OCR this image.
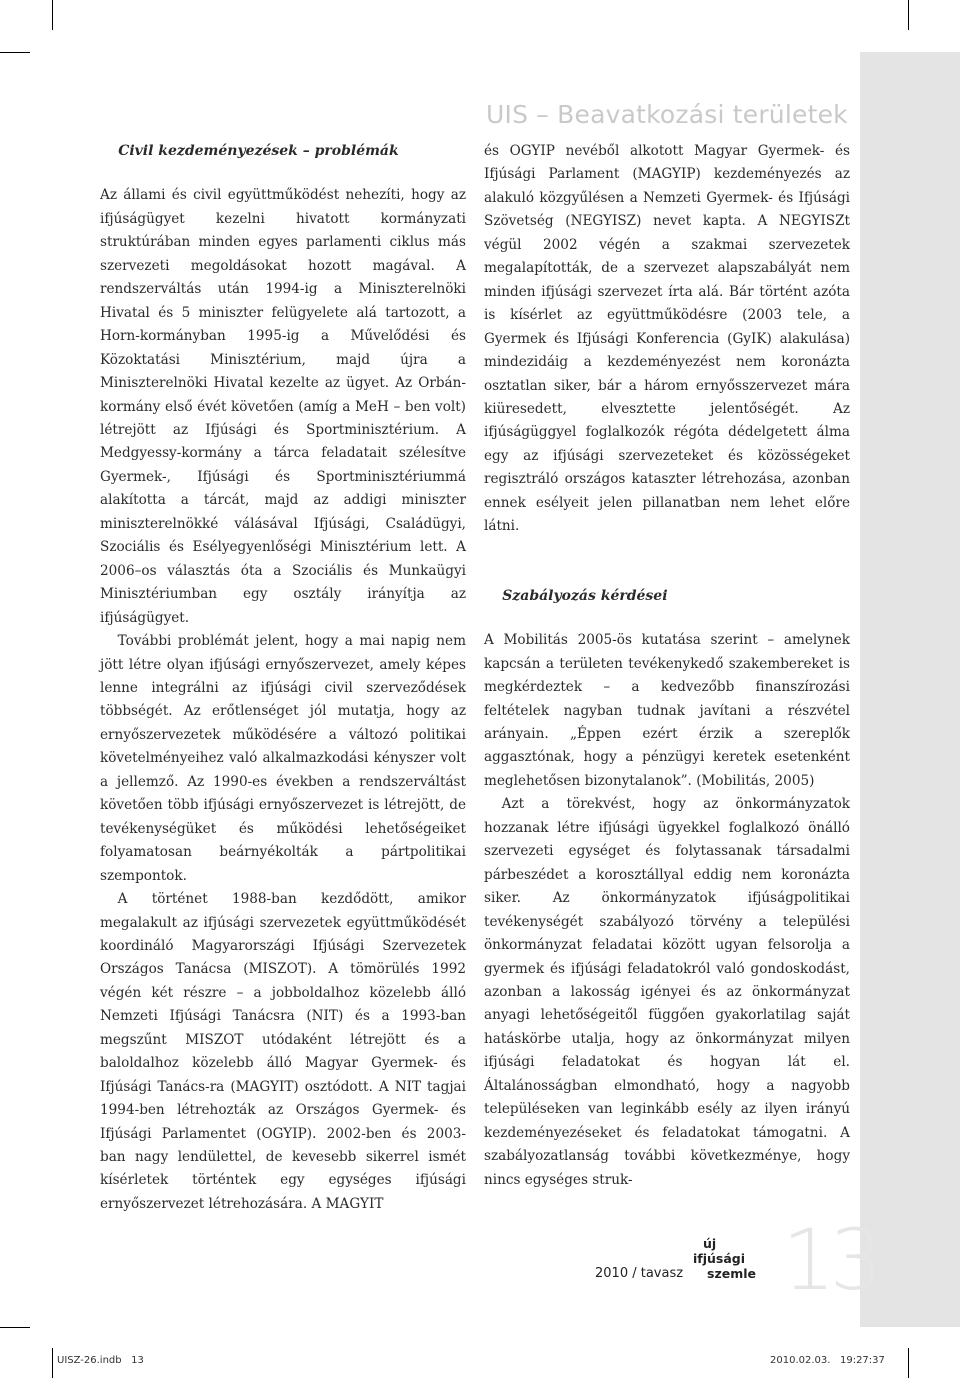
UIS – Beavatkozási területek

Civil kezdeményezések – problémák

Az állami és civil együttműködést nehezíti, hogy az ifjúságügyet kezelni hivatott kormányzati struktúrában minden egyes parlamenti ciklus más szervezeti megoldásokat hozott magával. A rendszerváltás után 1994-ig a Miniszterelnöki Hivatal és 5 miniszter felügyelete alá tartozott, a Horn-kormányban 1995-ig a Művelődési és Közoktatási Minisztérium, majd újra a Miniszterelnöki Hivatal kezelte az ügyet. Az Orbán-kormány első évét követően (amíg a MeH – ben volt) létrejött az Ifjúsági és Sportminisztérium. A Medgyessy-kormány a tárca feladatait szélesítve Gyermek-, Ifjúsági és Sportminisztériummá alakította a tárcát, majd az addigi miniszter miniszterelnökké válásával Ifjúsági, Családügyi, Szociális és Esélyegyenlőségi Minisztérium lett. A 2006–os választás óta a Szociális és Munkaügyi Minisztériumban egy osztály irányítja az ifjúságügyet.

További problémát jelent, hogy a mai napig nem jött létre olyan ifjúsági ernyőszervezet, amely képes lenne integrálni az ifjúsági civil szerveződések többségét. Az erőtlenséget jól mutatja, hogy az ernyőszervezetek működésére a változó politikai követelményeihez való alkalmazkodási kényszer volt a jellemző. Az 1990-es években a rendszerváltást követően több ifjúsági ernyőszervezet is létrejött, de tevékenységüket és működési lehetőségeiket folyamatosan beárnyékolták a pártpolitikai szempontok.

A történet 1988-ban kezdődött, amikor megalakult az ifjúsági szervezetek együttműködését koordináló Magyarországi Ifjúsági Szervezetek Országos Tanácsa (MISZOT). A tömörülés 1992 végén két részre – a jobboldalhoz közelebb álló Nemzeti Ifjúsági Tanácsra (NIT) és a 1993-ban megszűnt MISZOT utódaként létrejött és a baloldalhoz közelebb álló Magyar Gyermek- és Ifjúsági Tanács-ra (MAGYIT) osztódott. A NIT tagjai 1994-ben létrehozták az Országos Gyermek- és Ifjúsági Parlamentet (OGYIP). 2002-ben és 2003- ban nagy lendülettel, de kevesebb sikerrel ismét kísérletek történtek egy egységes ifjúsági ernyőszervezet létrehozására. A MAGYIT

és OGYIP nevéből alkotott Magyar Gyermek- és Ifjúsági Parlament (MAGYIP) kezdeményezés az alakuló közgyűlésen a Nemzeti Gyermek- és Ifjúsági Szövetség (NEGYISZ) nevet kapta. A NEGYISZt végül 2002 végén a szakmai szervezetek megalapították, de a szervezet alapszabályát nem minden ifjúsági szervezet írta alá. Bár történt azóta is kísérlet az együttműködésre (2003 tele, a Gyermek és Ifjúsági Konferencia (GyIK) alakulása) mindezidáig a kezdeményezést nem koronázta osztatlan siker, bár a három ernyősszervezet mára kiüresedett, elvesztette jelentőségét. Az ifjúságüggyel foglalkozók régóta dédelgetett álma egy az ifjúsági szervezeteket és közösségeket regisztráló országos kataszter létrehozása, azonban ennek esélyeit jelen pillanatban nem lehet előre látni.

Szabályozás kérdései

A Mobilitás 2005-ös kutatása szerint – amelynek kapcsán a területen tevékenykedő szakembereket is megkérdeztek – a kedvezőbb finanszírozási feltételek nagyban tudnak javítani a részvétel arányain. „Éppen ezért érzik a szereplők aggasztónak, hogy a pénzügyi keretek esetenként meglehetősen bizonytalanok”. (Mobilitás, 2005)

Azt a törekvést, hogy az önkormányzatok hozzanak létre ifjúsági ügyekkel foglalkozó önálló szervezeti egységet és folytassanak társadalmi párbeszédet a korosztállyal eddig nem koronázta siker. Az önkormányzatok ifjúságpolitikai tevékenységét szabályozó törvény a települési önkormányzat feladatai között ugyan felsorolja a gyermek és ifjúsági feladatokról való gondoskodást, azonban a lakosság igényei és az önkormányzat anyagi lehetőségeitől függően gyakorlatilag saját hatáskörbe utalja, hogy az önkormányzat milyen ifjúsági feladatokat és hogyan lát el. Általánosságban elmondható, hogy a nagyobb településeken van leginkább esély az ilyen irányú kezdeményezéseket és feladatokat támogatni. A szabályozatlanság további következménye, hogy nincs egységes struk-

2010 / tavasz
új
ifjúsági
szemle 13
UISZ-26.indb   13	2010.02.03.   19:27:37
